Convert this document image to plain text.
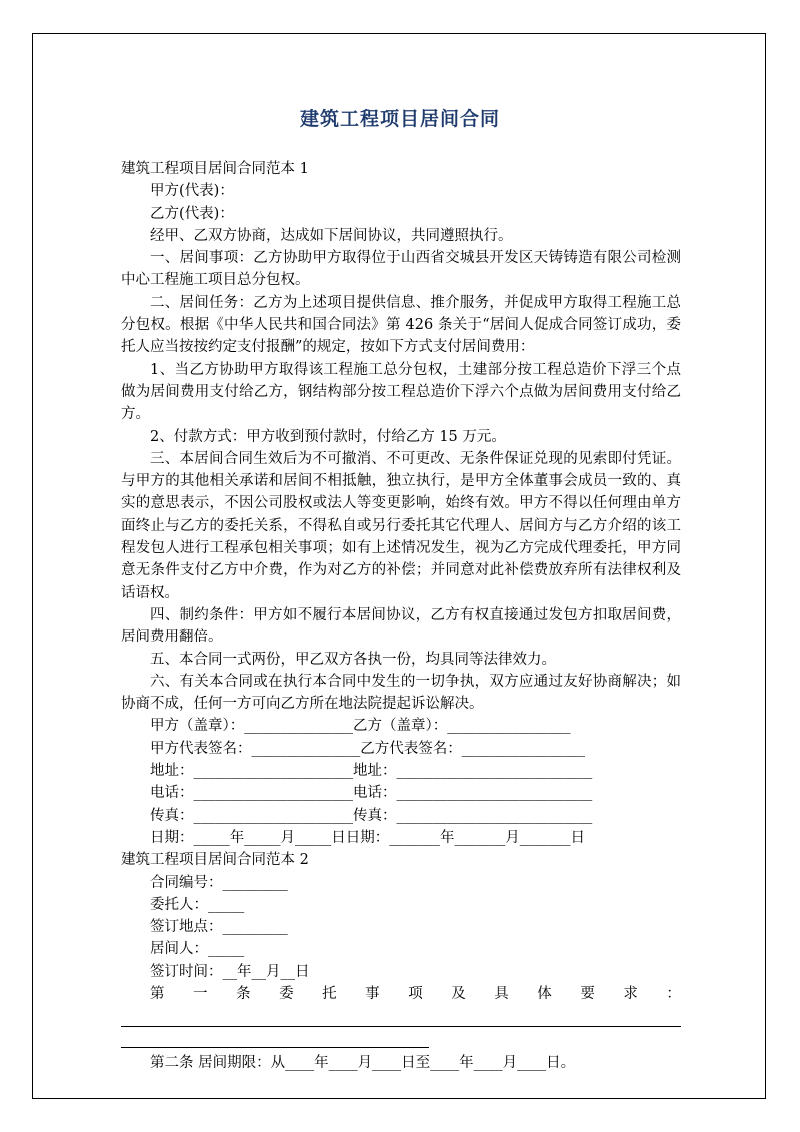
建筑工程项目居间合同

建筑工程项目居间合同范本 1

甲方(代表)：

乙方(代表)：

经甲、乙双方协商，达成如下居间协议，共同遵照执行。

一、居间事项：乙方协助甲方取得位于山西省交城县开发区天铸铸造有限公司检测中心工程施工项目总分包权。

二、居间任务：乙方为上述项目提供信息、推介服务，并促成甲方取得工程施工总分包权。根据《中华人民共和国合同法》第 426 条关于“居间人促成合同签订成功，委托人应当按按约定支付报酬”的规定，按如下方式支付居间费用：

1、当乙方协助甲方取得该工程施工总分包权，土建部分按工程总造价下浮三个点做为居间费用支付给乙方，钢结构部分按工程总造价下浮六个点做为居间费用支付给乙方。

2、付款方式：甲方收到预付款时，付给乙方 15 万元。

三、本居间合同生效后为不可撤消、不可更改、无条件保证兑现的见索即付凭证。与甲方的其他相关承诺和居间不相抵触，独立执行，是甲方全体董事会成员一致的、真实的意思表示，不因公司股权或法人等变更影响，始终有效。甲方不得以任何理由单方面终止与乙方的委托关系，不得私自或另行委托其它代理人、居间方与乙方介绍的该工程发包人进行工程承包相关事项；如有上述情况发生，视为乙方完成代理委托，甲方同意无条件支付乙方中介费，作为对乙方的补偿；并同意对此补偿费放弃所有法律权利及话语权。

四、制约条件：甲方如不履行本居间协议，乙方有权直接通过发包方扣取居间费，居间费用翻倍。

五、本合同一式两份，甲乙双方各执一份，均具同等法律效力。

六、有关本合同或在执行本合同中发生的一切争执，双方应通过友好协商解决；如协商不成，任何一方可向乙方所在地法院提起诉讼解决。

甲方（盖章）：_______________乙方（盖章）：_________________

甲方代表签名：_______________乙方代表签名：_________________

地址：______________________地址：___________________________

电话：______________________电话：___________________________

传真：______________________传真：___________________________

日期：_____年_____月_____日日期：_______年_______月_______日

建筑工程项目居间合同范本 2

合同编号：_________

委托人：_____

签订地点：_________

居间人：_____

签订时间：__年__月__日

第 一 条 委 托 事 项 及 具 体 要 求 ：

第二条 居间期限：从____年____月____日至____年____月____日。
